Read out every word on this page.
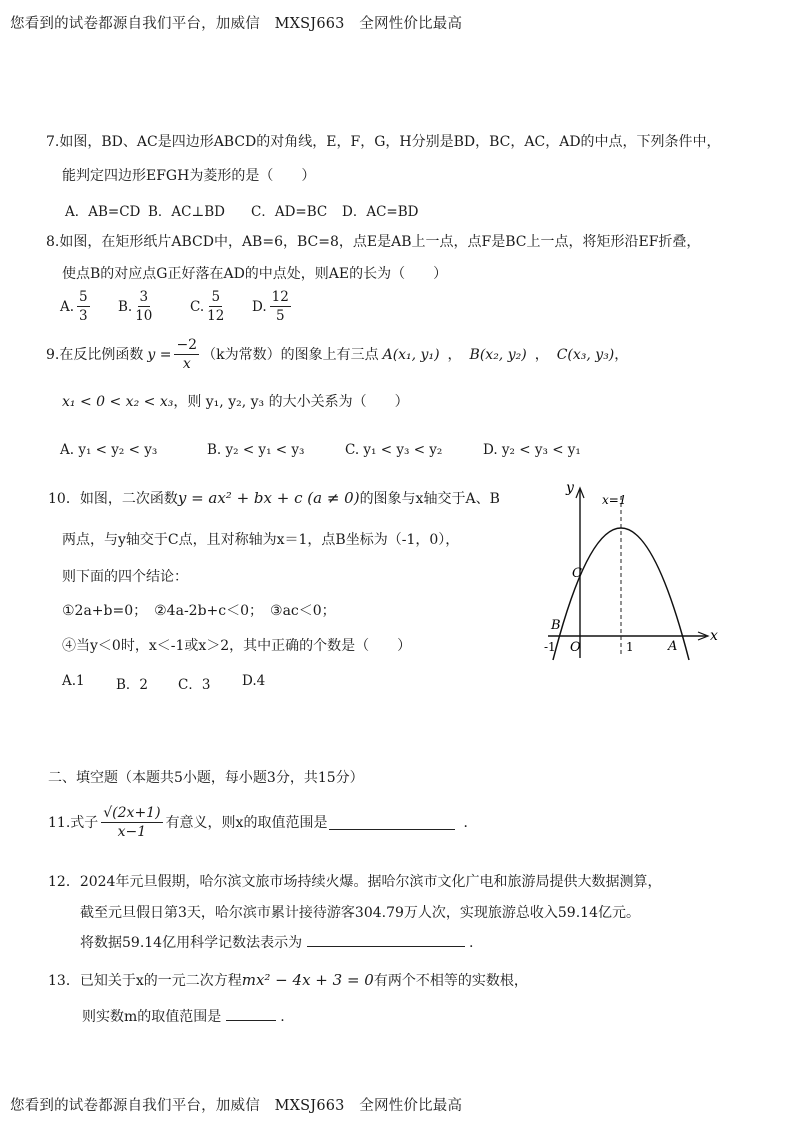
您看到的试卷都源自我们平台，加威信　MXSJ663　全网性价比最高
7.如图，BD、AC是四边形ABCD的对角线，E，F，G，H分别是BD，BC，AC，AD的中点，下列条件中，
能判定四边形EFGH为菱形的是（　　）
A．AB=CD B．AC⊥BD C．AD=BC D．AC=BD
8.如图，在矩形纸片ABCD中，AB=6，BC=8，点E是AB上一点，点F是BC上一点，将矩形沿EF折叠，
使点B的对应点G正好落在AD的中点处，则AE的长为（　　）
A. $\frac{5}{3} B$. $\frac{3}{10}$	C. $\frac{5}{12} D$. $\frac{12}{5}$
9.在反比例函数 $y = \frac{-2}{x} (k$为常数）的图象上有三点 A(x₁, y₁) ， B(x₂, y₂) ， C(x₃, y₃) ，
x₁ < 0 < x₂ < x₃，则 y₁, y₂, y₃ 的大小关系为（　　）
A. y₁ < y₂ < y₃	B. y₂ < y₁ < y₃	C. y₁ < y₃ < y₂	D. y₂ < y₃ < y₁
10．如图，二次函数y = ax² + bx + c (a ≠ 0)的图象与x轴交于A、B
两点，与y轴交于C点，且对称轴为x＝1，点B坐标为（-1，0），
则下面的四个结论：
①2a+b=0；　②4a-2b+c＜0；　③ac＜0；
④当y＜0时，x＜-1或x＞2，其中正确的个数是（　　）
A.1 B．2 C．3 D.4
y
x
x=1
C
B
O
-1	1	A
二、填空题（本题共5小题，每小题3分，共15分）
11.式子 $\frac{√(2x+1)}{x-1}$ 有意义，则x的取值范围是	．
12．2024年元旦假期，哈尔滨文旅市场持续火爆。据哈尔滨市文化广电和旅游局提供大数据测算，
截至元旦假日第3天，哈尔滨市累计接待游客304.79万人次，实现旅游总收入59.14亿元。
将数据59.14亿用科学记数法表示为	.
13．已知关于x的一元二次方程mx² − 4x + 3 = 0有两个不相等的实数根，
则实数m的取值范围是	.
您看到的试卷都源自我们平台，加威信　MXSJ663　全网性价比最高
